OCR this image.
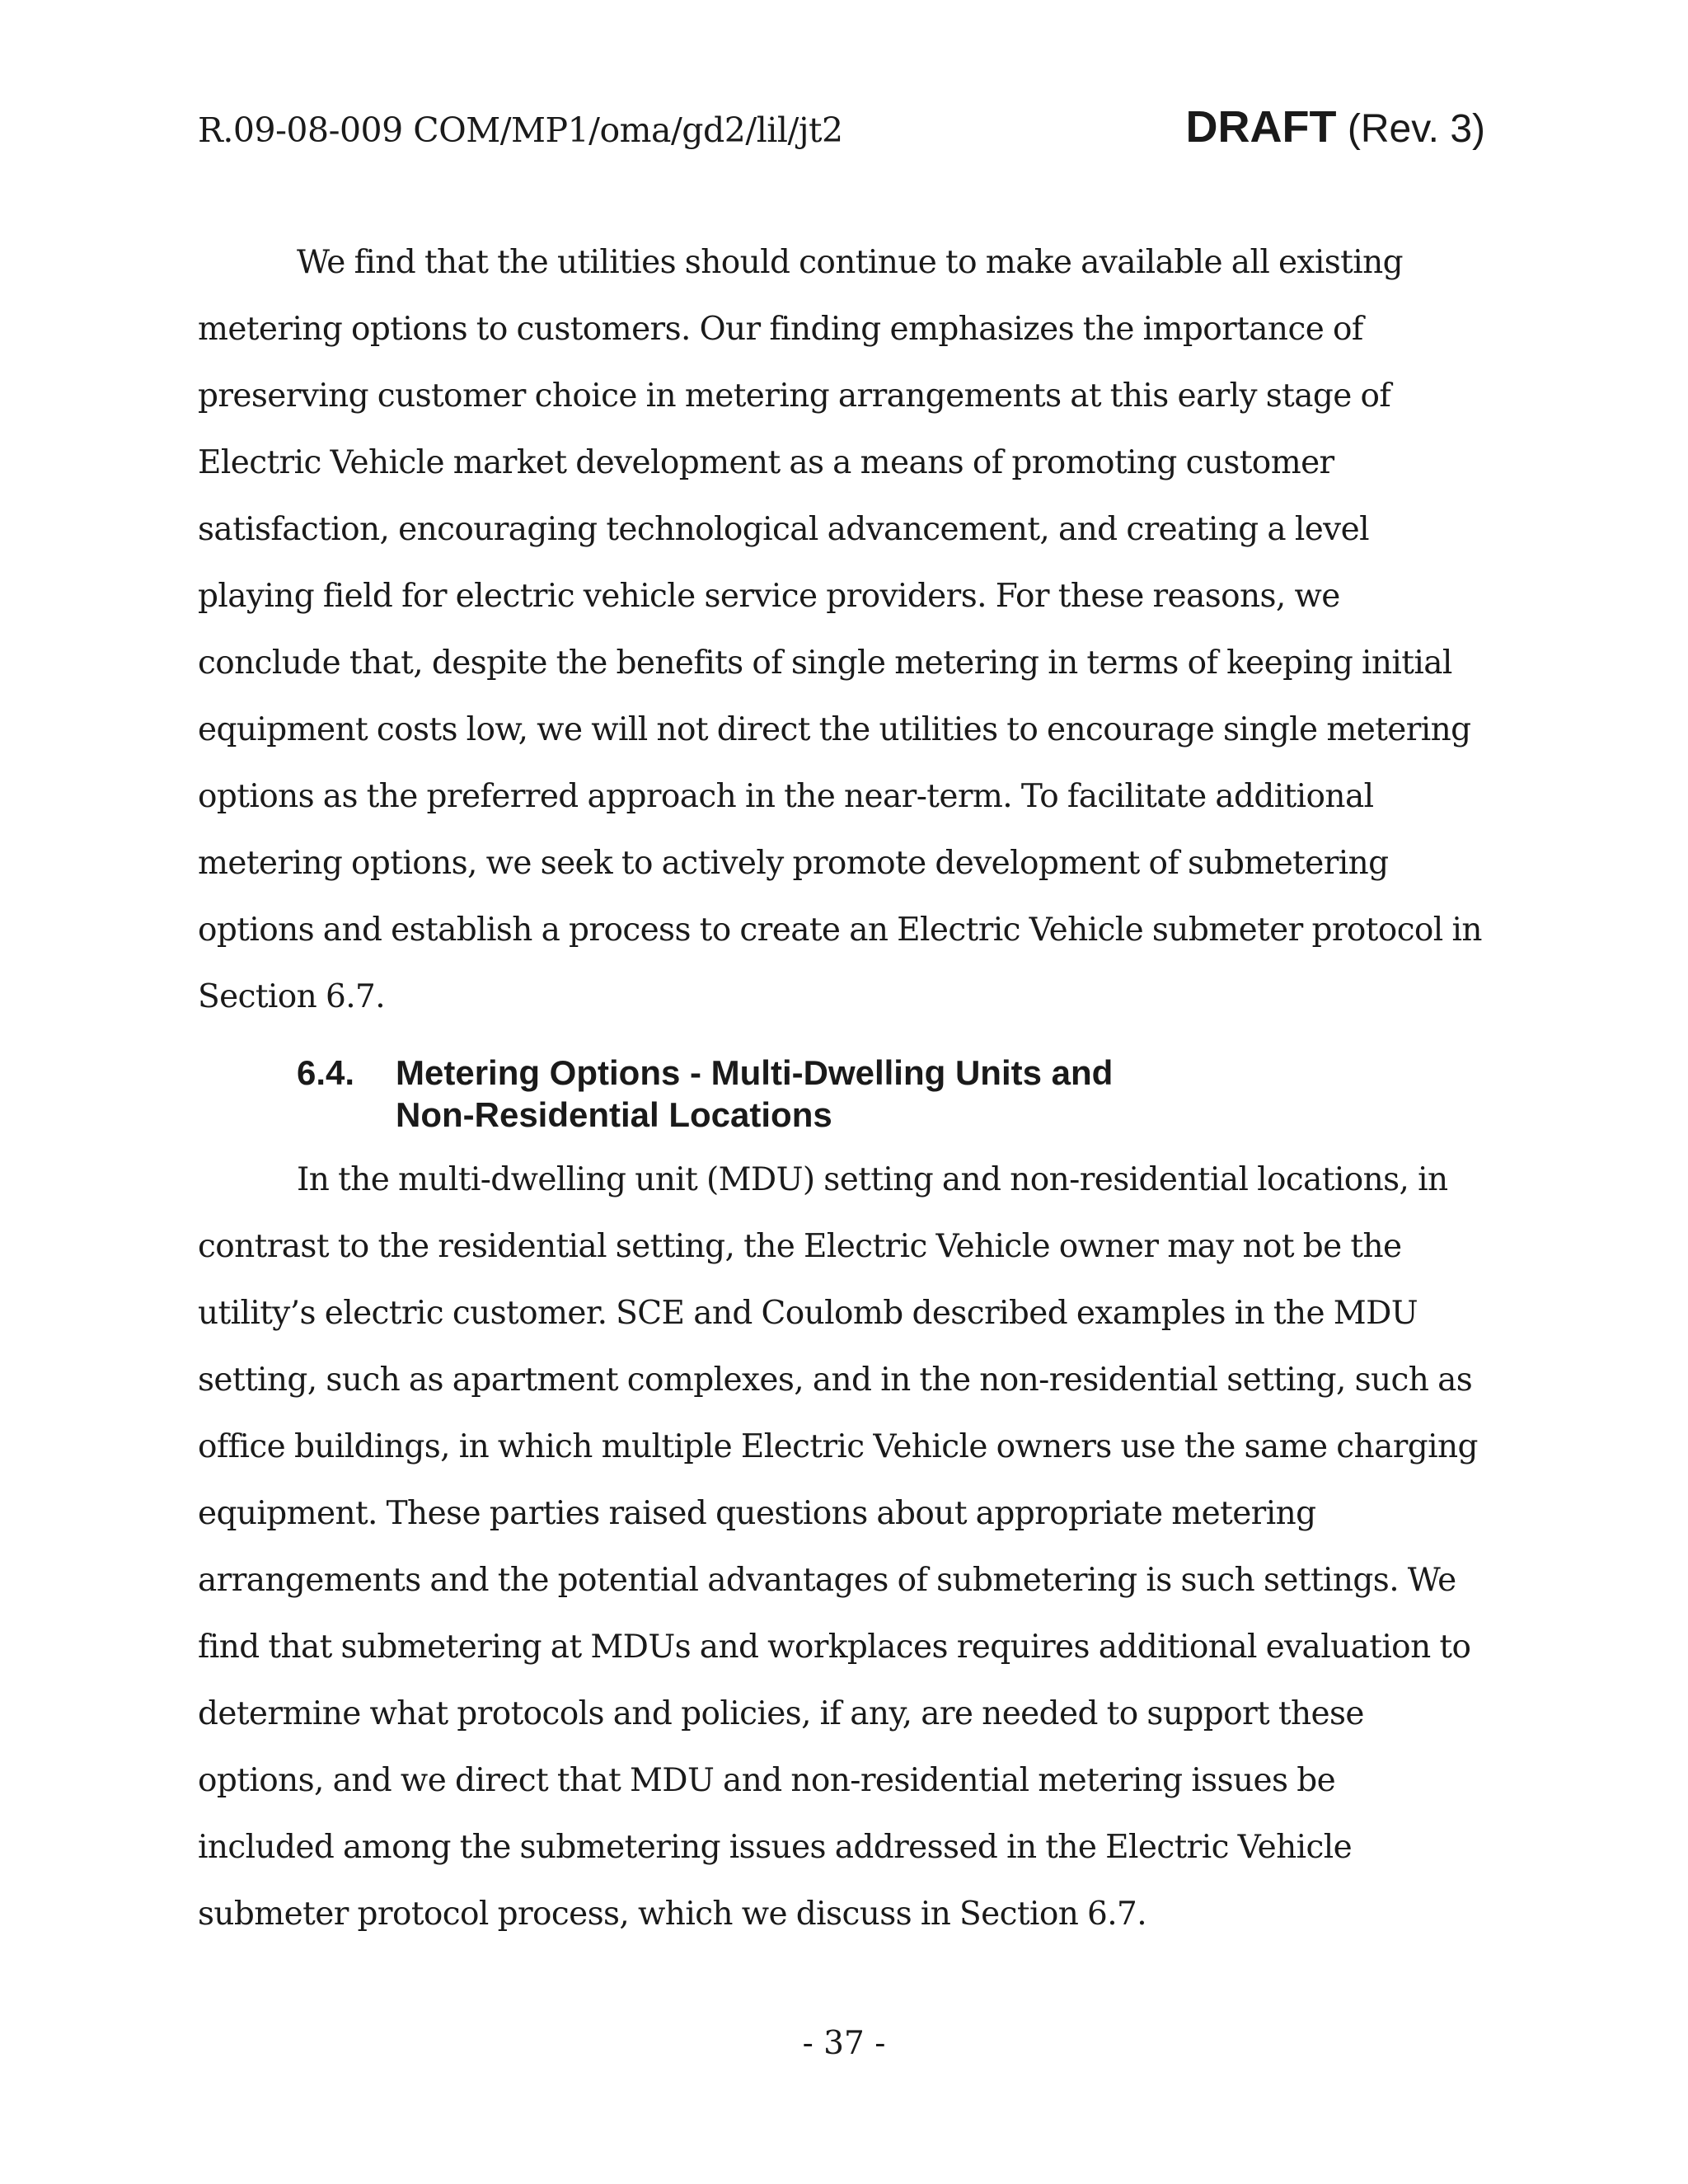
R.09-08-009 COM/MP1/oma/gd2/lil/jt2	DRAFT (Rev. 3)
We find that the utilities should continue to make available all existing
metering options to customers. Our finding emphasizes the importance of
preserving customer choice in metering arrangements at this early stage of
Electric Vehicle market development as a means of promoting customer
satisfaction, encouraging technological advancement, and creating a level
playing field for electric vehicle service providers. For these reasons, we
conclude that, despite the benefits of single metering in terms of keeping initial
equipment costs low, we will not direct the utilities to encourage single metering
options as the preferred approach in the near-term. To facilitate additional
metering options, we seek to actively promote development of submetering
options and establish a process to create an Electric Vehicle submeter protocol in
Section 6.7.
6.4. Metering Options - Multi-Dwelling Units and
Non-Residential Locations
In the multi-dwelling unit (MDU) setting and non-residential locations, in
contrast to the residential setting, the Electric Vehicle owner may not be the
utility’s electric customer. SCE and Coulomb described examples in the MDU
setting, such as apartment complexes, and in the non-residential setting, such as
office buildings, in which multiple Electric Vehicle owners use the same charging
equipment. These parties raised questions about appropriate metering
arrangements and the potential advantages of submetering is such settings. We
find that submetering at MDUs and workplaces requires additional evaluation to
determine what protocols and policies, if any, are needed to support these
options, and we direct that MDU and non-residential metering issues be
included among the submetering issues addressed in the Electric Vehicle
submeter protocol process, which we discuss in Section 6.7.
- 37 -
